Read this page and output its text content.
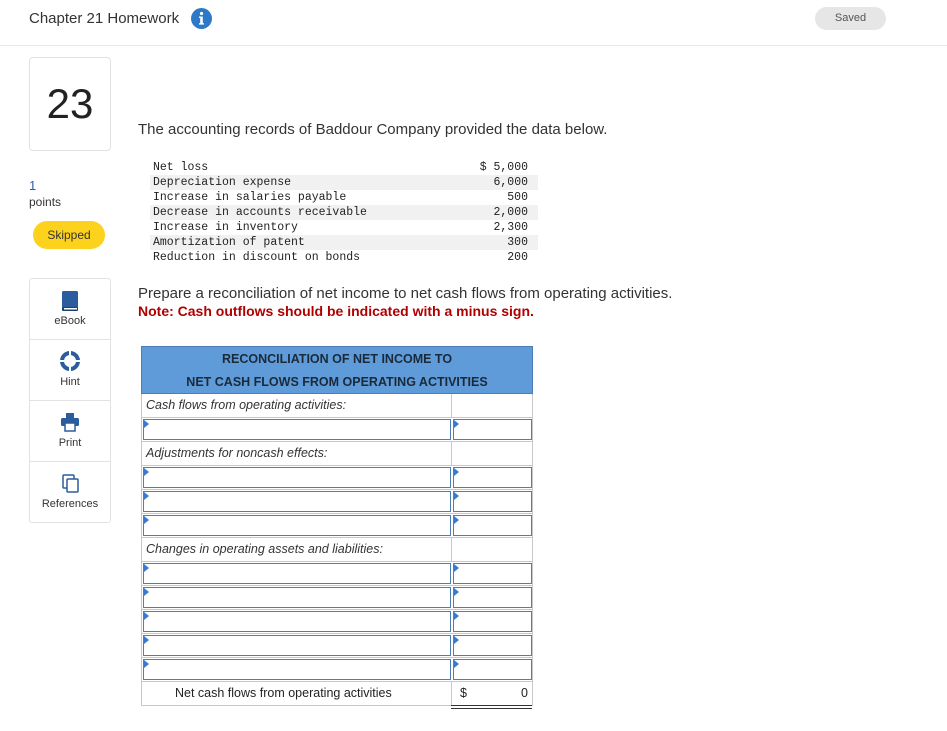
Chapter 21 Homework	Saved
23
1
points
Skipped
eBook
Hint
Print
References
The accounting records of Baddour Company provided the data below.
Net loss	$ 5,000
Depreciation expense	6,000
Increase in salaries payable	500
Decrease in accounts receivable	2,000
Increase in inventory	2,300
Amortization of patent	300
Reduction in discount on bonds	200
Prepare a reconciliation of net income to net cash flows from operating activities.
Note: Cash outflows should be indicated with a minus sign.
RECONCILIATION OF NET INCOME TO
NET CASH FLOWS FROM OPERATING ACTIVITIES
Cash flows from operating activities:
Adjustments for noncash effects:
Changes in operating assets and liabilities:
Net cash flows from operating activities	$	0
